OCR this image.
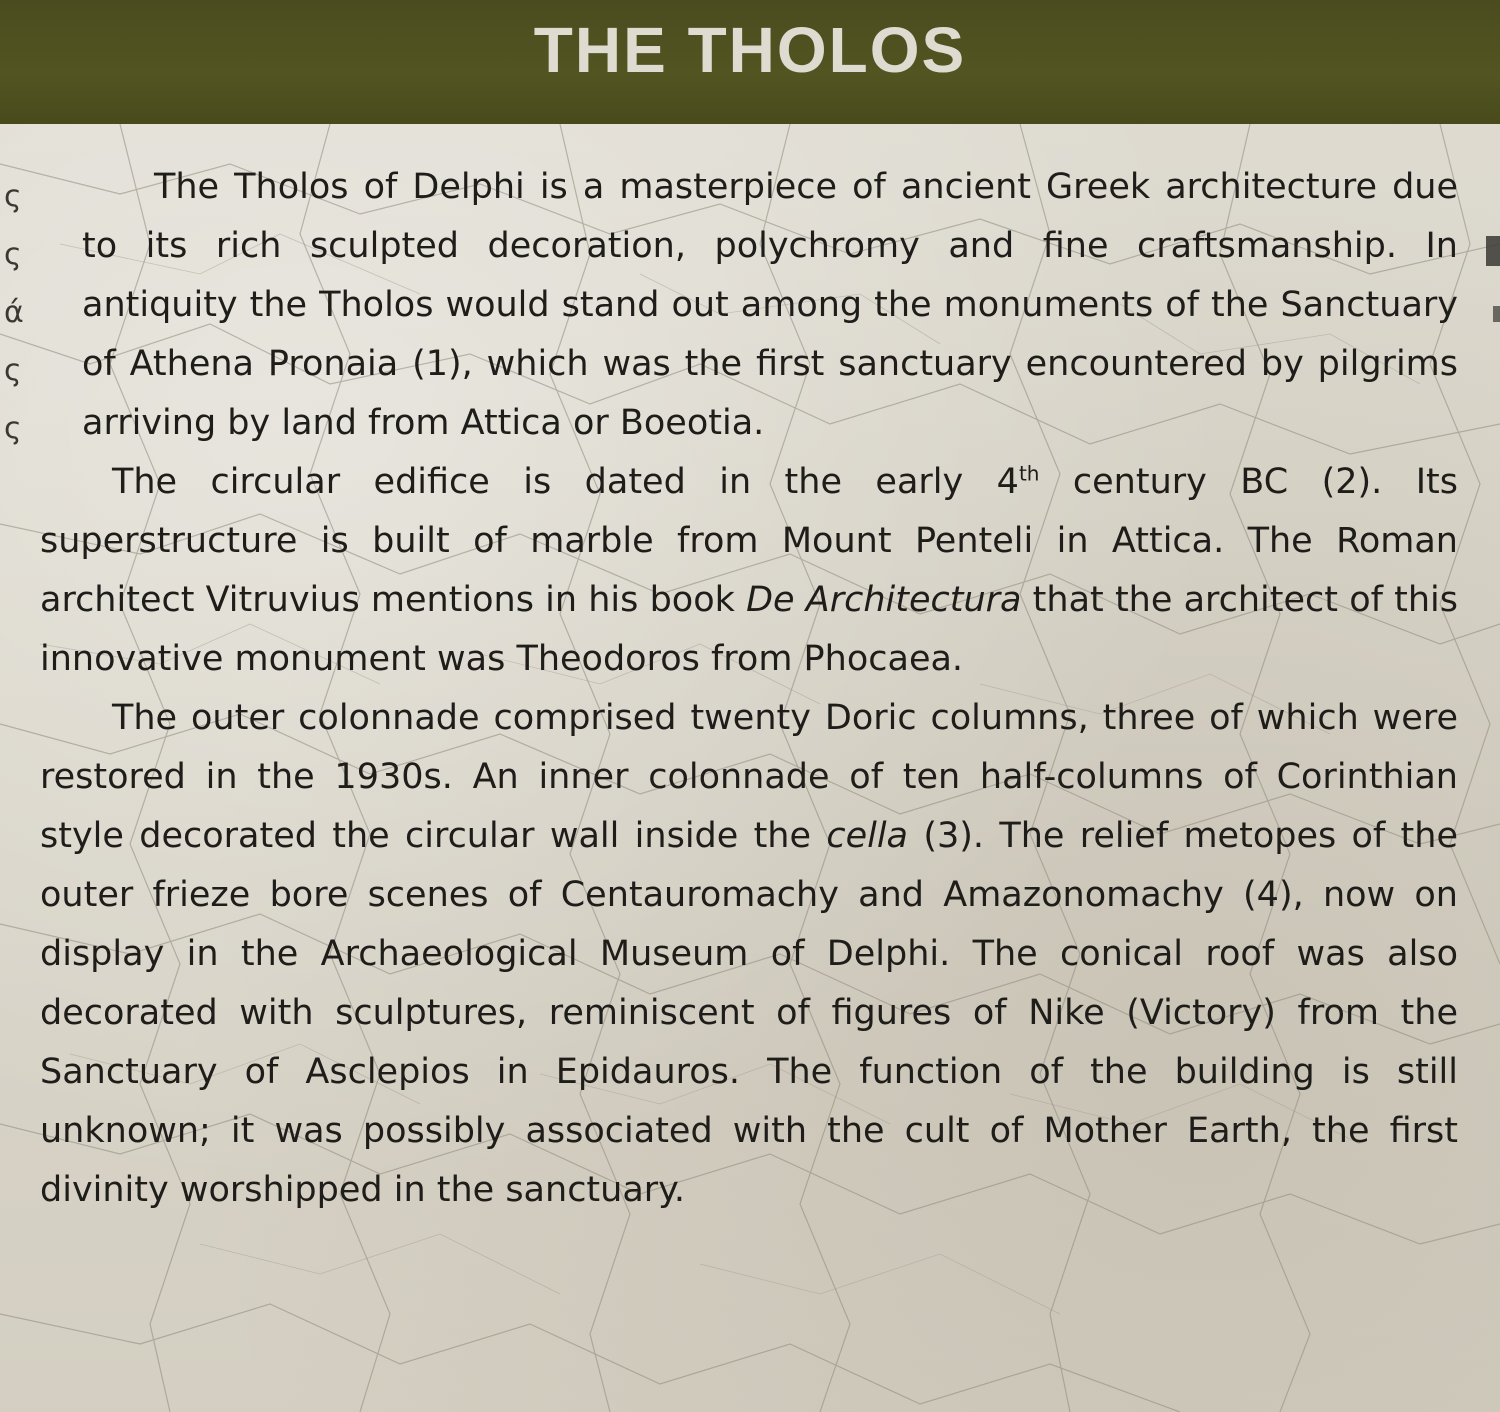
THE THOLOS
ς
ς
ά
ς
ς

The Tholos of Delphi is a masterpiece of ancient Greek architecture due to its rich sculpted decoration, polychromy and fine craftsmanship. In antiquity the Tholos would stand out among the monuments of the Sanctuary of Athena Pronaia (1), which was the first sanctuary encountered by pilgrims arriving by land from Attica or Boeotia.

The circular edifice is dated in the early 4th century BC (2). Its superstructure is built of marble from Mount Penteli in Attica. The Roman architect Vitruvius mentions in his book De Architectura that the architect of this innovative monument was Theodoros from Phocaea.

The outer colonnade comprised twenty Doric columns, three of which were restored in the 1930s. An inner colonnade of ten half-columns of Corinthian style decorated the circular wall inside the cella (3). The relief metopes of the outer frieze bore scenes of Centauromachy and Amazonomachy (4), now on display in the Archaeological Museum of Delphi. The conical roof was also decorated with sculptures, reminiscent of figures of Nike (Victory) from the Sanctuary of Asclepios in Epidauros. The function of the building is still unknown; it was possibly associated with the cult of Mother Earth, the first divinity worshipped in the sanctuary.
